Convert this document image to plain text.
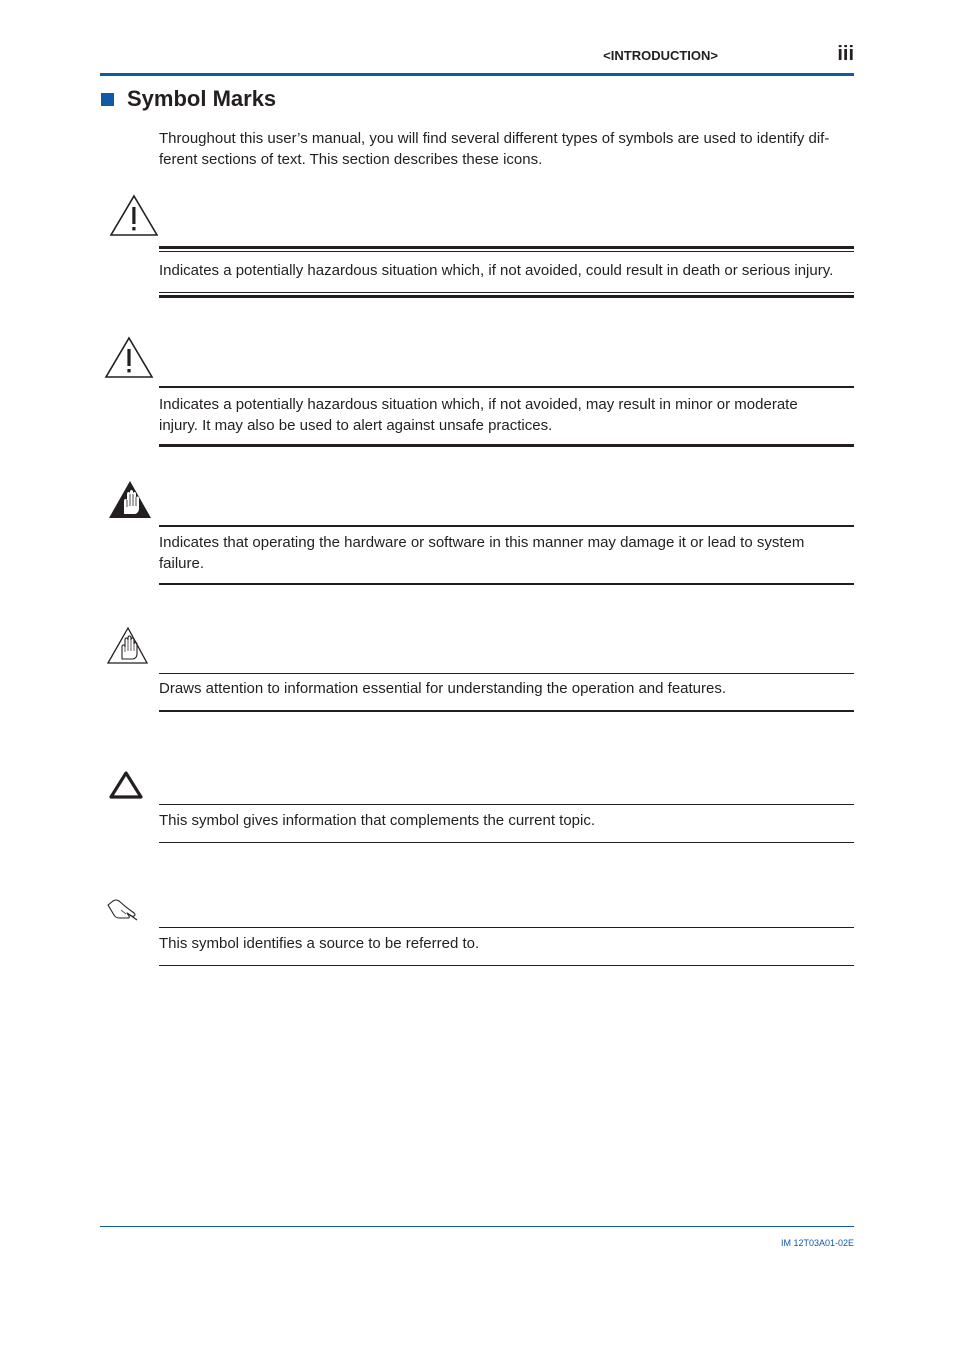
<INTRODUCTION>	iii
Symbol Marks
Throughout this user’s manual, you will find several different types of symbols are used to identify dif-
ferent sections of text. This section describes these icons.
Indicates a potentially hazardous situation which, if not avoided, could result in death or serious injury.
Indicates a potentially hazardous situation which, if not avoided, may result in minor or moderate
injury. It may also be used to alert against unsafe practices.
Indicates that operating the hardware or software in this manner may damage it or lead to system
failure.
Draws attention to information essential for understanding the operation and features.
This symbol gives information that complements the current topic.
This symbol identifies a source to be referred to.
IM 12T03A01-02E
